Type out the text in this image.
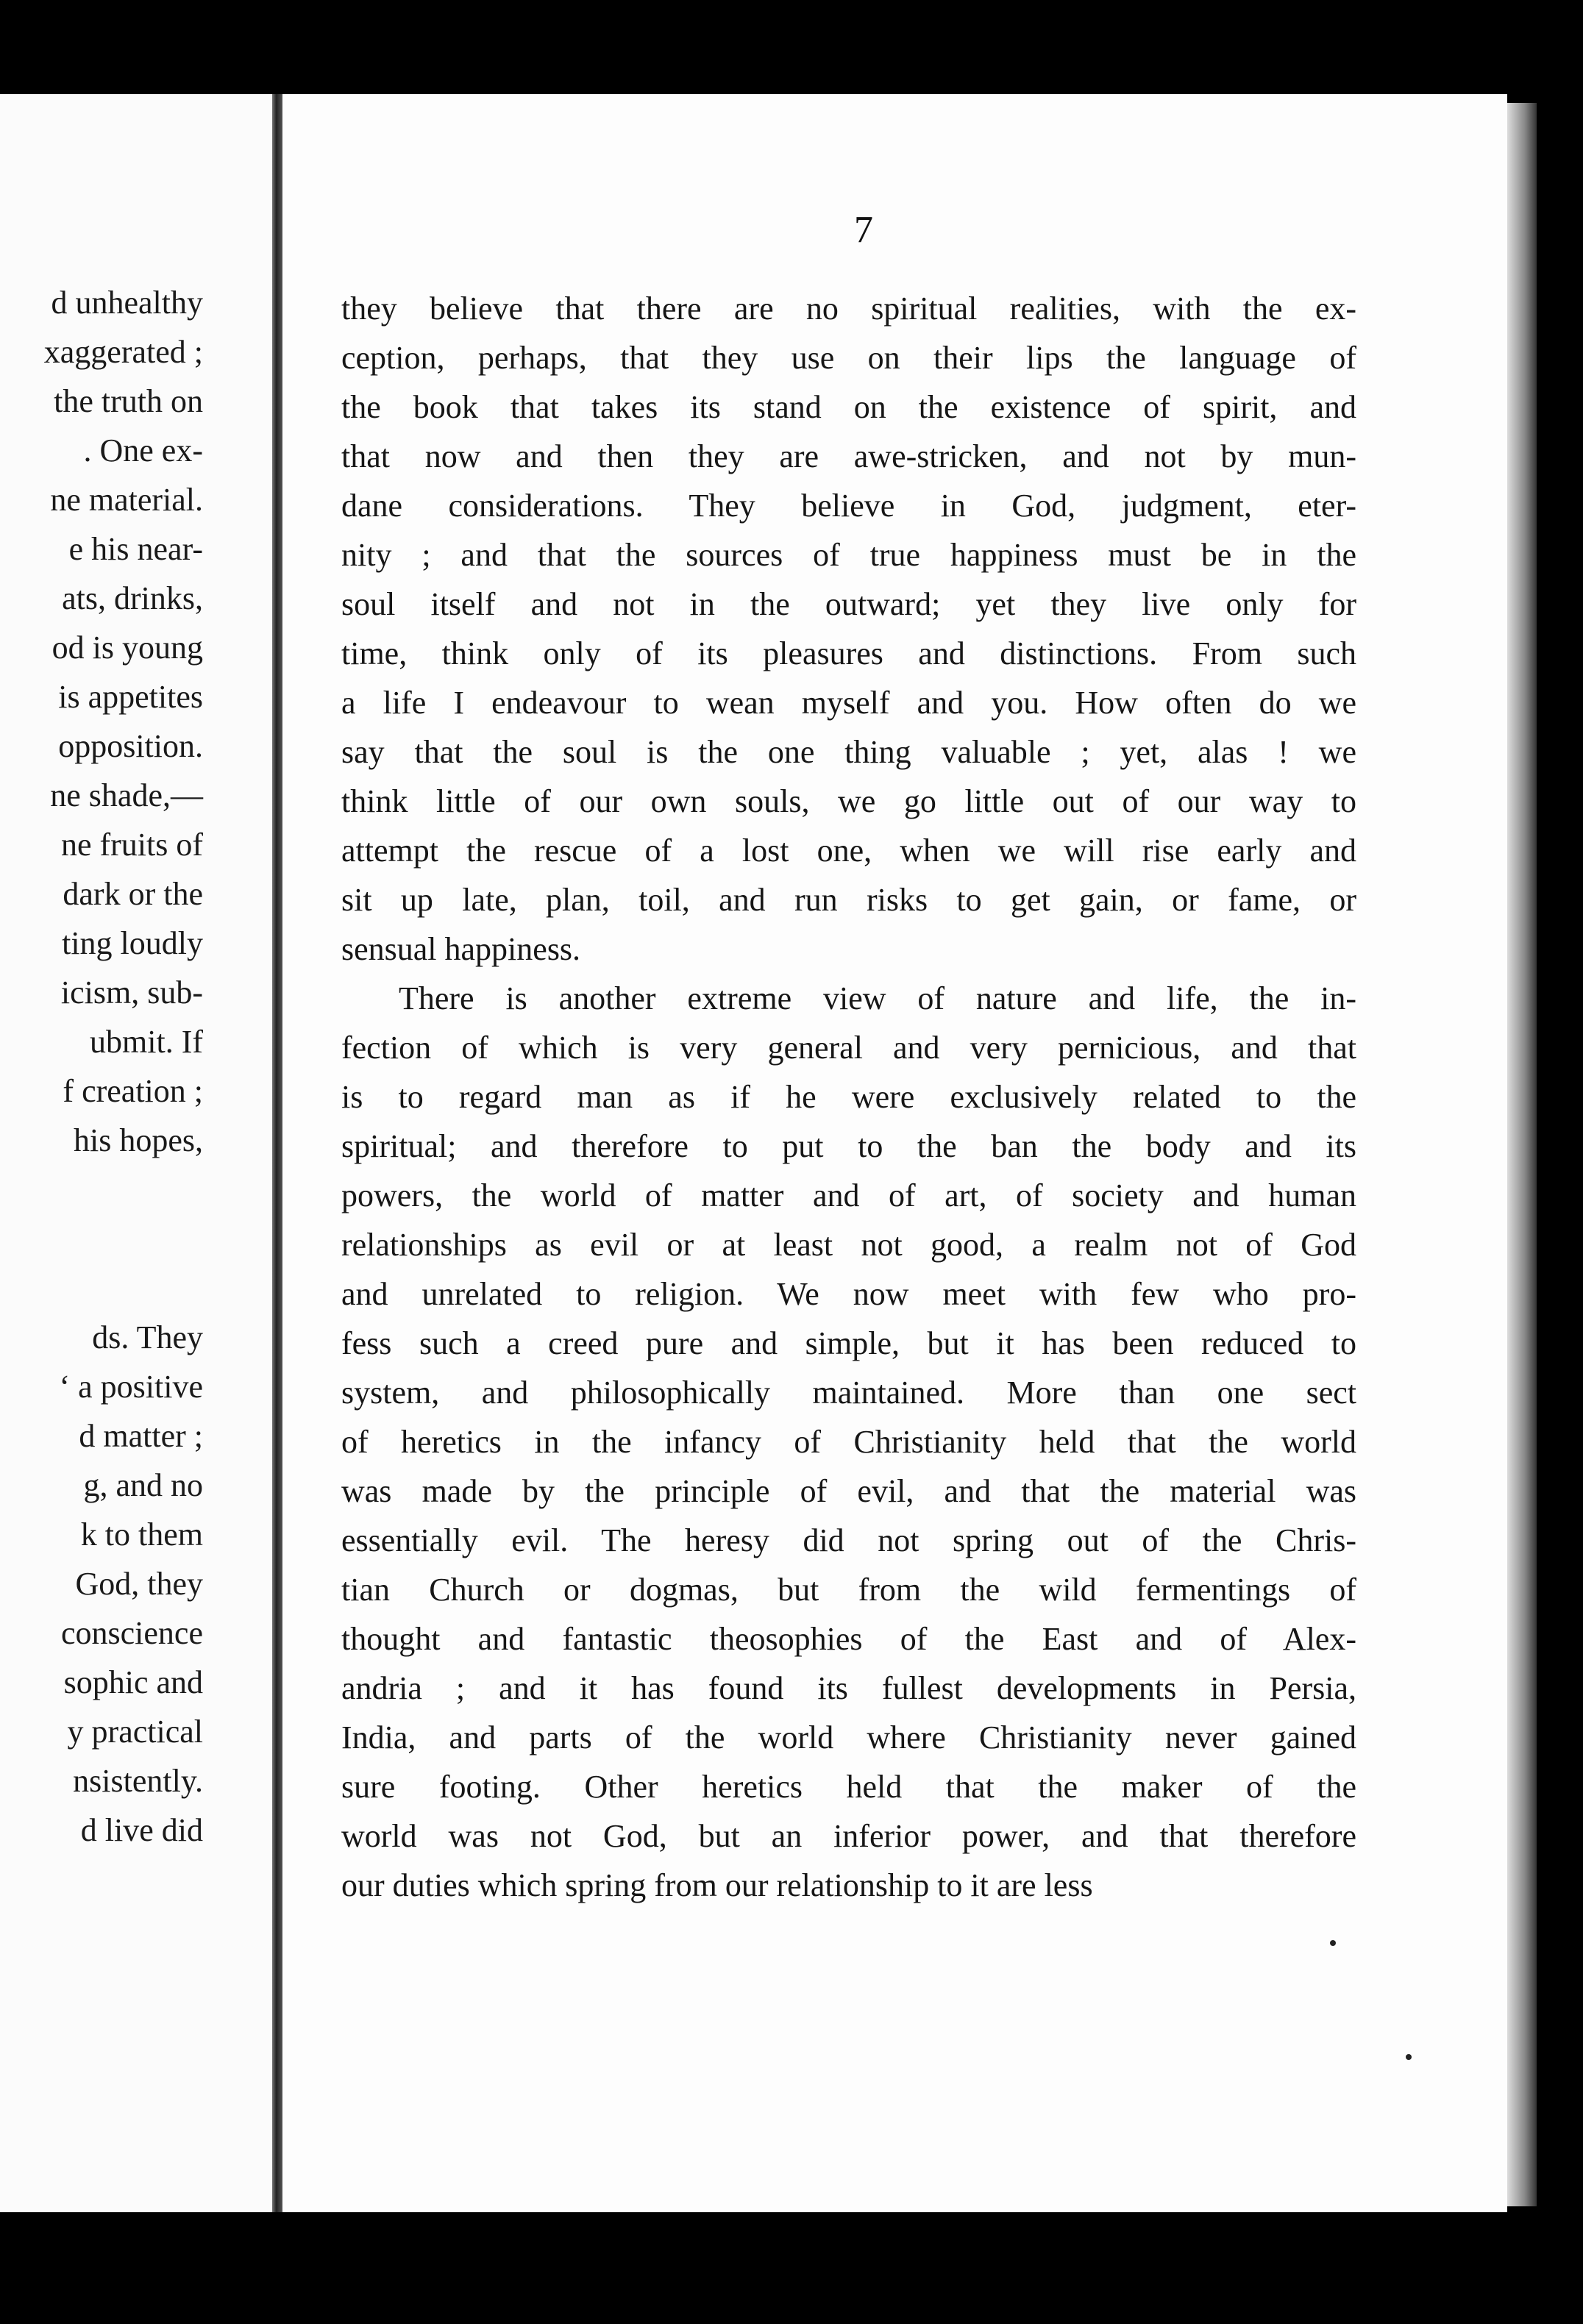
d unhealthy
xaggerated ;
the truth on
. One ex-
ne material.
e his near-
ats, drinks,
od is young
is appetites
opposition.
ne shade,—
ne fruits of
dark or the
ting loudly
icism, sub-
ubmit. If
f creation ;
his hopes,
ds. They
‘ a positive
d matter ;
g, and no
k to them
God, they
conscience
sophic and
y practical
nsistently.
d live did
7
they believe that there are no spiritual realities, with the ex-
ception, perhaps, that they use on their lips the language of
the book that takes its stand on the existence of spirit, and
that now and then they are awe-stricken, and not by mun-
dane considerations. They believe in God, judgment, eter-
nity ; and that the sources of true happiness must be in the
soul itself and not in the outward; yet they live only for
time, think only of its pleasures and distinctions. From such
a life I endeavour to wean myself and you. How often do we
say that the soul is the one thing valuable ; yet, alas ! we
think little of our own souls, we go little out of our way to
attempt the rescue of a lost one, when we will rise early and
sit up late, plan, toil, and run risks to get gain, or fame, or
sensual happiness.
There is another extreme view of nature and life, the in-
fection of which is very general and very pernicious, and that
is to regard man as if he were exclusively related to the
spiritual; and therefore to put to the ban the body and its
powers, the world of matter and of art, of society and human
relationships as evil or at least not good, a realm not of God
and unrelated to religion. We now meet with few who pro-
fess such a creed pure and simple, but it has been reduced to
system, and philosophically maintained. More than one sect
of heretics in the infancy of Christianity held that the world
was made by the principle of evil, and that the material was
essentially evil. The heresy did not spring out of the Chris-
tian Church or dogmas, but from the wild fermentings of
thought and fantastic theosophies of the East and of Alex-
andria ; and it has found its fullest developments in Persia,
India, and parts of the world where Christianity never gained
sure footing. Other heretics held that the maker of the
world was not God, but an inferior power, and that therefore
our duties which spring from our relationship to it are less
